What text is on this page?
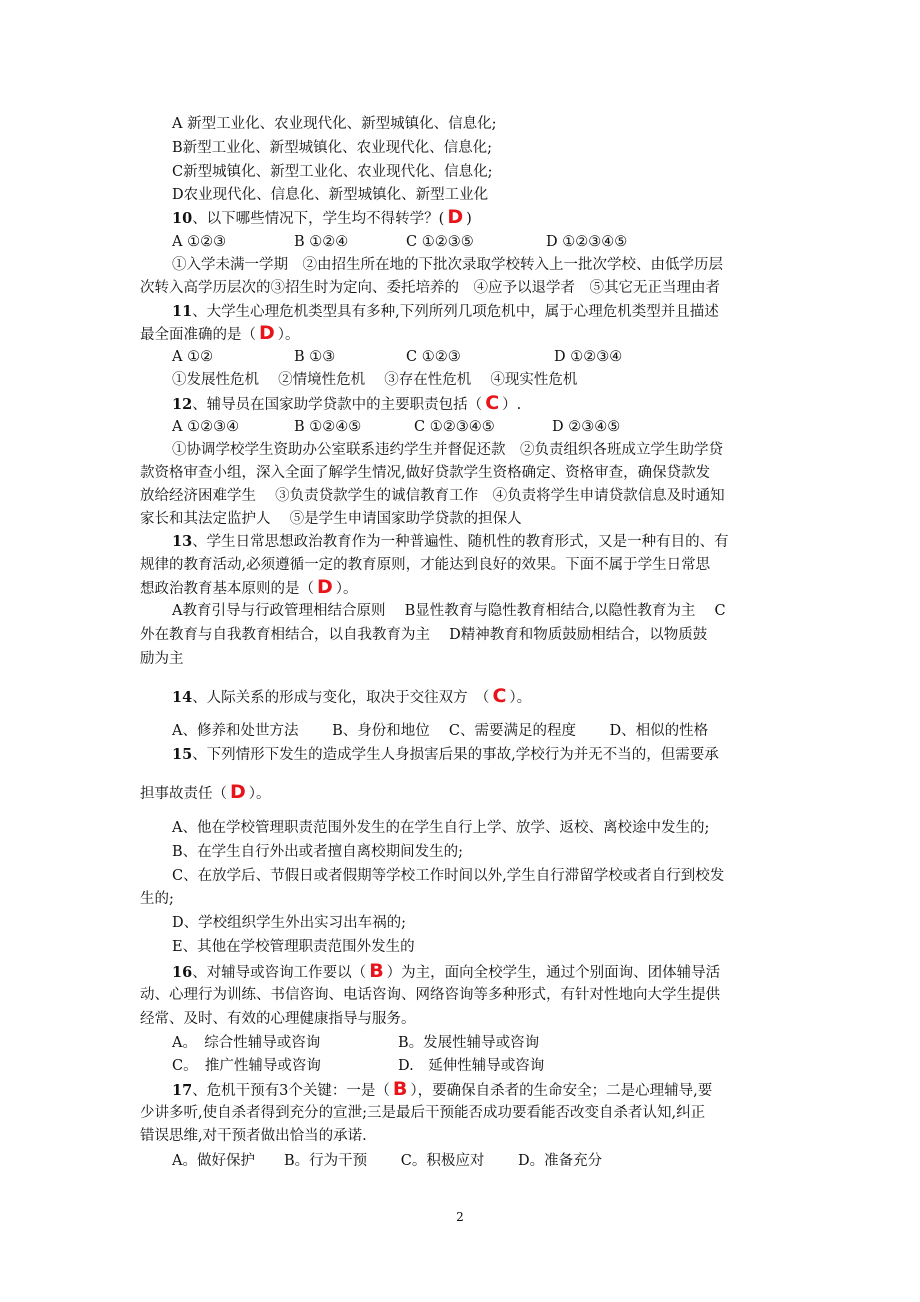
A 新型工业化、农业现代化、新型城镇化、信息化;
B新型工业化、新型城镇化、农业现代化、信息化;
C新型城镇化、新型工业化、农业现代化、信息化;
D农业现代化、信息化、新型城镇化、新型工业化
10、以下哪些情况下，学生均不得转学？( D )
A ①②③	B ①②④	C ①②③⑤	D ①②③④⑤
①入学未满一学期　②由招生所在地的下批次录取学校转入上一批次学校、由低学历层
次转入高学历层次的③招生时为定向、委托培养的　④应予以退学者　⑤其它无正当理由者
11、大学生心理危机类型具有多种,下列所列几项危机中，属于心理危机类型并且描述
最全面准确的是（ D ）。
A ①②	B ①③	C ①②③	D ①②③④
①发展性危机　 ②情境性危机　 ③存在性危机　 ④现实性危机
12、辅导员在国家助学贷款中的主要职责包括（ C ）.
A ①②③④	B ①②④⑤	C ①②③④⑤	D ②③④⑤
①协调学校学生资助办公室联系违约学生并督促还款　②负责组织各班成立学生助学贷
款资格审查小组，深入全面了解学生情况,做好贷款学生资格确定、资格审查，确保贷款发
放给经济困难学生　 ③负责贷款学生的诚信教育工作　④负责将学生申请贷款信息及时通知
家长和其法定监护人　 ⑤是学生申请国家助学贷款的担保人
13、学生日常思想政治教育作为一种普遍性、随机性的教育形式，又是一种有目的、有
规律的教育活动,必须遵循一定的教育原则，才能达到良好的效果。下面不属于学生日常思
想政治教育基本原则的是（ D ）。
A教育引导与行政管理相结合原则　 B显性教育与隐性教育相结合,以隐性教育为主　 C
外在教育与自我教育相结合，以自我教育为主　 D精神教育和物质鼓励相结合，以物质鼓
励为主
14、人际关系的形成与变化，取决于交往双方　（ C ）。
A、修养和处世方法　　 B、身份和地位　 C、需要满足的程度　　 D、相似的性格
15、下列情形下发生的造成学生人身损害后果的事故,学校行为并无不当的，但需要承
担事故责任（ D ）。
A、他在学校管理职责范围外发生的在学生自行上学、放学、返校、离校途中发生的;
B、在学生自行外出或者擅自离校期间发生的;
C、在放学后、节假日或者假期等学校工作时间以外,学生自行滞留学校或者自行到校发
生的;
D、学校组织学生外出实习出车祸的;
E、其他在学校管理职责范围外发生的
16、对辅导或咨询工作要以（ B ）为主，面向全校学生，通过个别面询、团体辅导活
动、心理行为训练、书信咨询、电话咨询、网络咨询等多种形式，有针对性地向大学生提供
经常、及时、有效的心理健康指导与服务。
A。　综合性辅导或咨询	B。发展性辅导或咨询
C。　推广性辅导或咨询	D.　延伸性辅导或咨询
17、危机干预有3个关键：一是（ B ），要确保自杀者的生命安全；二是心理辅导,要
少讲多听,使自杀者得到充分的宣泄;三是最后干预能否成功要看能否改变自杀者认知,纠正
错误思维,对干预者做出恰当的承诺.
A。做好保护　　B。行为干预　　 C。积极应对　　 D。准备充分
2
